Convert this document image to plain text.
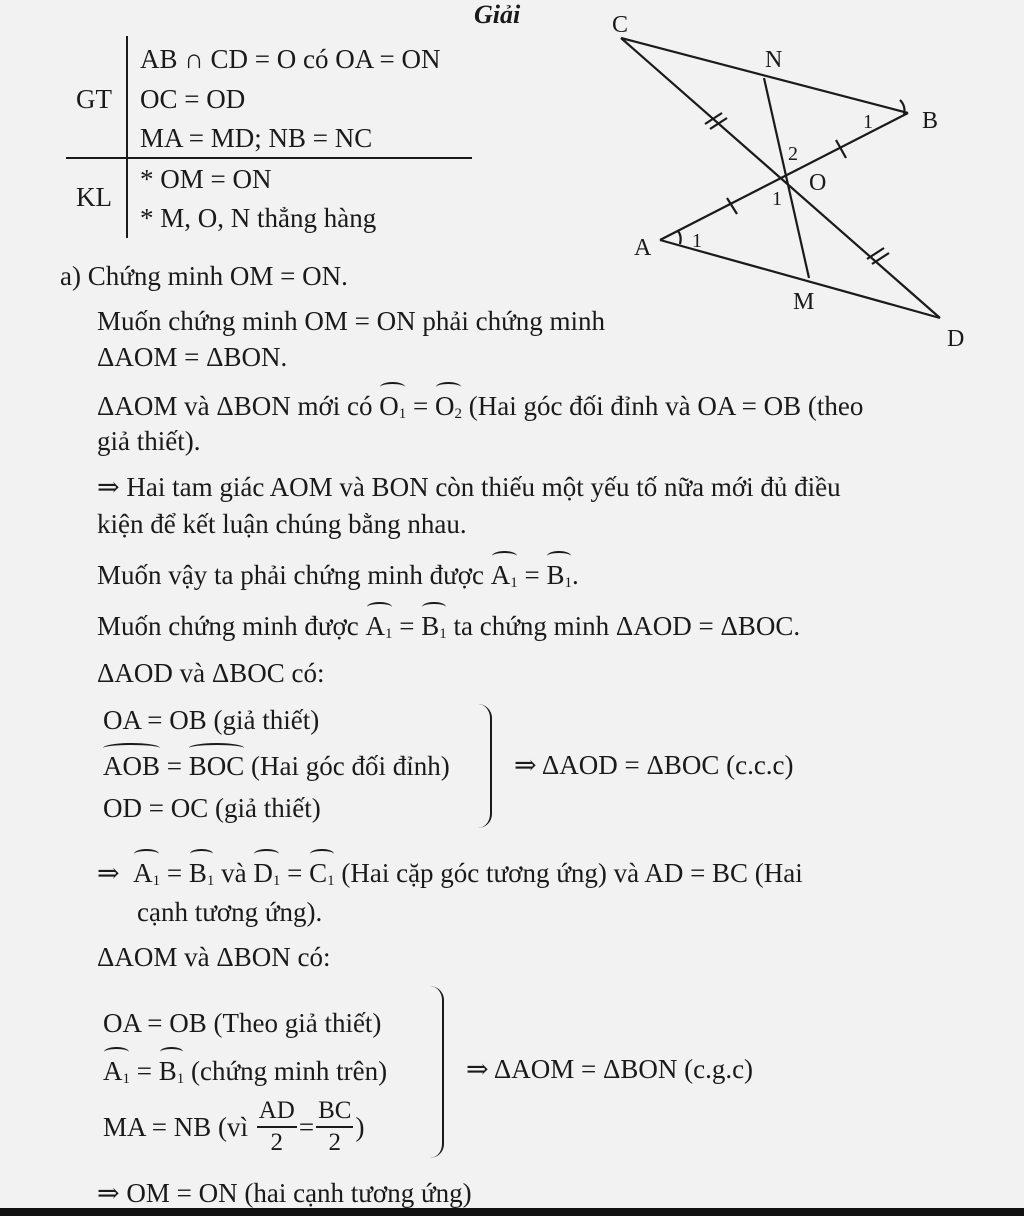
Giải
GT
KL
AB ∩ CD = O có OA = ON
OC = OD
MA = MD; NB = NC
* OM = ON
* M, O, N thẳng hàng
C
N
B
O
A
M
D
1
2
1
1
a) Chứng minh OM = ON.
Muốn chứng minh OM = ON phải chứng minh
ΔAOM = ΔBON.
ΔAOM và ΔBON mới có $O_1 = O_2$ (Hai góc đối đỉnh và OA = OB (theo
giả thiết).
⇒ Hai tam giác AOM và BON còn thiếu một yếu tố nữa mới đủ điều
kiện để kết luận chúng bằng nhau.
Muốn vậy ta phải chứng minh được $A_1 = B_1$.
Muốn chứng minh được $A_1 = B_1$ ta chứng minh ΔAOD = ΔBOC.
ΔAOD và ΔBOC có:
OA = OB (giả thiết)
AOB = BOC (Hai góc đối đỉnh)
OD = OC (giả thiết)
⇒ ΔAOD = ΔBOC (c.c.c)
⇒ $A_1 = B_1$ và $D_1 = C_1$ (Hai cặp góc tương ứng) và AD = BC (Hai
cạnh tương ứng).
ΔAOM và ΔBON có:
OA = OB (Theo giả thiết)
$A_1 = B_1$ (chứng minh trên)
MA = NB (vì
$\frac{AD}{2} = \frac{BC}{2}$ )
⇒ ΔAOM = ΔBON (c.g.c)
⇒ OM = ON (hai cạnh tương ứng)
